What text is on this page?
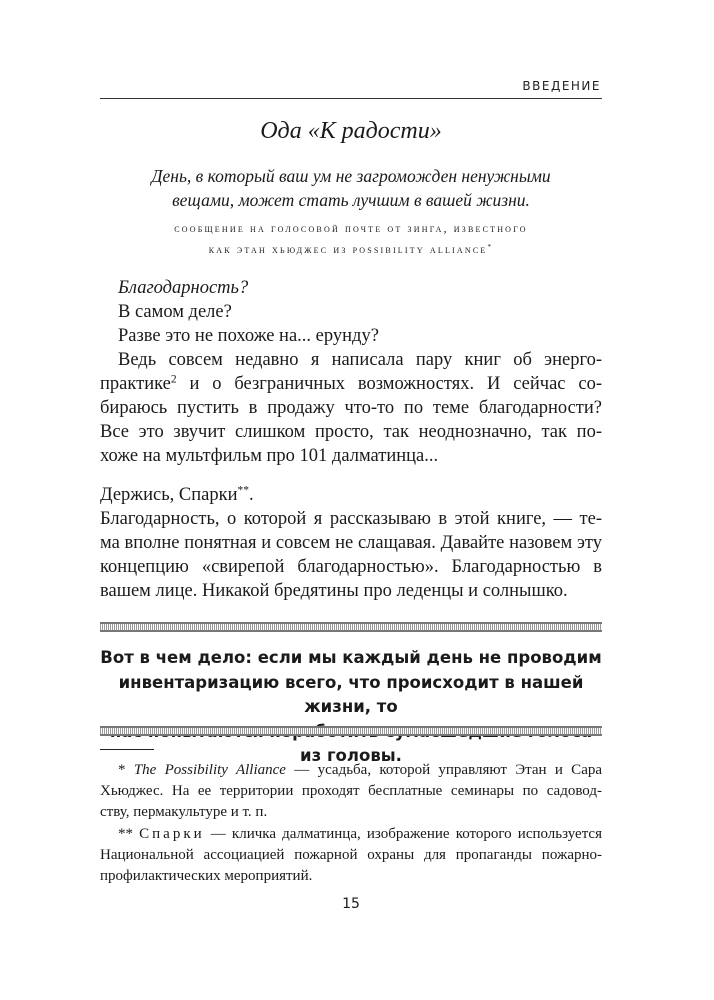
ВВЕДЕНИЕ
Ода «К радости»
День, в который ваш ум не загроможден ненужными
вещами, может стать лучшим в вашей жизни.
сообщение на голосовой почте от зинга, известного
как этан хьюджес из possibility alliance*
Благодарность?
В самом деле?
Разве это не похоже на... ерунду?
Ведь совсем недавно я написала пару книг об энерго-
практике$^2$ и о безграничных возможностях. И сейчас со-
бираюсь пустить в продажу что-то по теме благодарности?
Все это звучит слишком просто, так неоднозначно, так по-
хоже на мультфильм про 101 далматинца...
Держись, Спарки**.
Благодарность, о которой я рассказываю в этой книге, — те-
ма вполне понятная и совсем не слащавая. Давайте назовем эту
концепцию «свирепой благодарностью». Благодарностью в
вашем лице. Никакой бредятины про леденцы и солнышко.
Вот в чем дело: если мы каждый день не проводим
инвентаризацию всего, что происходит в нашей жизни, то
из головы.
* The Possibility Alliance — усадьба, которой управляют Этан и Сара
Хьюджес. На ее территории проходят бесплатные семинары по садовод-
ству, пермакультуре и т. п.
** Спарки — кличка далматинца, изображение которого используется
Национальной ассоциацией пожарной охраны для пропаганды пожарно-
профилактических мероприятий.
15
